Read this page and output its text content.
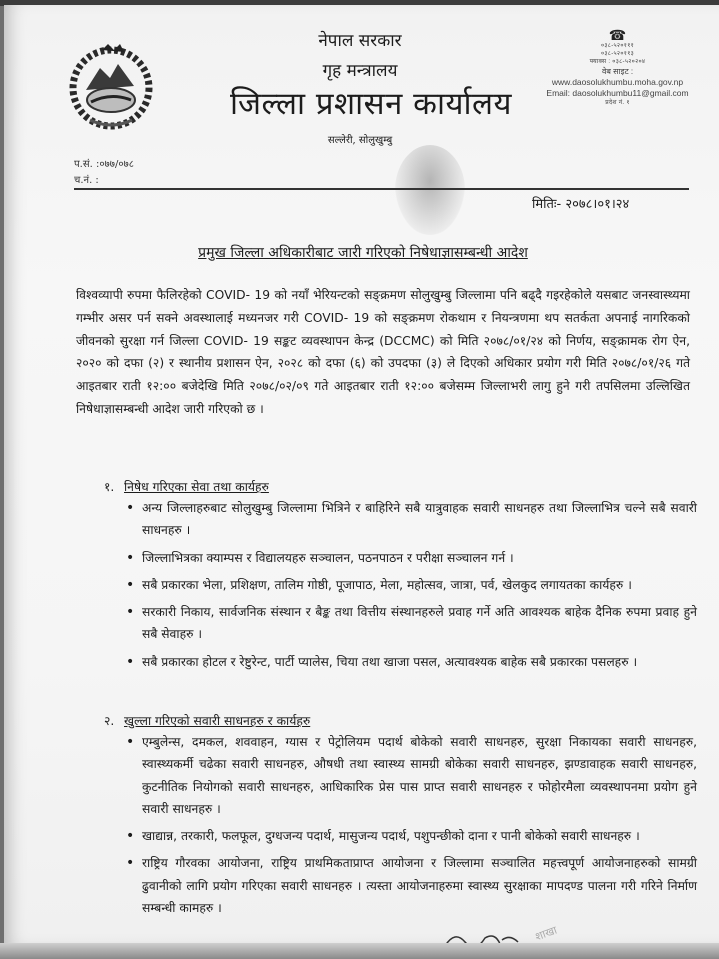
नेपाल सरकार
गृह मन्त्रालय
जिल्ला प्रशासन कार्यालय
सल्लेरी, सोलुखुम्बु
☎
०३८-५२०१११
०३८-५२०११३
फ्याक्स : ०३८-५२०२०४
वेब साइट :
www.daosolukhumbu.moha.gov.np
Email: daosolukhumbu11@gmail.com
प्रदेश नं. १
प.सं. :०७७/०७८
च.नं. :
मितिः- २०७८।०१।२४
प्रमुख जिल्ला अधिकारीबाट जारी गरिएको निषेधाज्ञासम्बन्धी आदेश
विश्वव्यापी रुपमा फैलिरहेको COVID- 19 को नयाँ भेरियन्टको सङ्क्रमण सोलुखुम्बु जिल्लामा पनि बढ्दै गइरहेकोले यसबाट जनस्वास्थ्यमा गम्भीर असर पर्न सक्ने अवस्थालाई मध्यनजर गरी COVID- 19 को सङ्क्रमण रोकथाम र नियन्त्रणमा थप सतर्कता अपनाई नागरिकको जीवनको सुरक्षा गर्न जिल्ला COVID- 19 सङ्कट व्यवस्थापन केन्द्र (DCCMC) को मिति २०७८/०१/२४ को निर्णय, सङ्क्रामक रोग ऐन, २०२० को दफा (२) र स्थानीय प्रशासन ऐन, २०२८ को दफा (६) को उपदफा (३) ले दिएको अधिकार प्रयोग गरी मिति २०७८/०१/२६ गते आइतबार राती १२:०० बजेदेखि मिति २०७८/०२/०९ गते आइतबार राती १२:०० बजेसम्म जिल्लाभरी लागु हुने गरी तपसिलमा उल्लिखित निषेधाज्ञासम्बन्धी आदेश जारी गरिएको छ ।
१. निषेध गरिएका सेवा तथा कार्यहरु
• अन्य जिल्लाहरुबाट सोलुखुम्बु जिल्लामा भित्रिने र बाहिरिने सबै यात्रुवाहक सवारी साधनहरु तथा जिल्लाभित्र चल्ने सबै सवारी साधनहरु ।
• जिल्लाभित्रका क्याम्पस र विद्यालयहरु सञ्चालन, पठनपाठन र परीक्षा सञ्चालन गर्न ।
• सबै प्रकारका भेला, प्रशिक्षण, तालिम गोष्ठी, पूजापाठ, मेला, महोत्सव, जात्रा, पर्व, खेलकुद लगायतका कार्यहरु ।
• सरकारी निकाय, सार्वजनिक संस्थान र बैङ्क तथा वित्तीय संस्थानहरुले प्रवाह गर्ने अति आवश्यक बाहेक दैनिक रुपमा प्रवाह हुने सबै सेवाहरु ।
• सबै प्रकारका होटल र रेष्टुरेन्ट, पार्टी प्यालेस, चिया तथा खाजा पसल, अत्यावश्यक बाहेक सबै प्रकारका पसलहरु ।
२. खुल्ला गरिएको सवारी साधनहरु र कार्यहरु
• एम्बुलेन्स, दमकल, शववाहन, ग्यास र पेट्रोलियम पदार्थ बोकेको सवारी साधनहरु, सुरक्षा निकायका सवारी साधनहरु, स्वास्थ्यकर्मी चढेका सवारी साधनहरु, औषधी तथा स्वास्थ्य सामग्री बोकेका सवारी साधनहरु, झण्डावाहक सवारी साधनहरु, कुटनीतिक नियोगको सवारी साधनहरु, आधिकारिक प्रेस पास प्राप्त सवारी साधनहरु र फोहोरमैला व्यवस्थापनमा प्रयोग हुने सवारी साधनहरु ।
• खाद्यान्न, तरकारी, फलफूल, दुग्धजन्य पदार्थ, मासुजन्य पदार्थ, पशुपन्छीको दाना र पानी बोकेको सवारी साधनहरु ।
• राष्ट्रिय गौरवका आयोजना, राष्ट्रिय प्राथमिकताप्राप्त आयोजना र जिल्लामा सञ्चालित महत्त्वपूर्ण आयोजनाहरुको सामग्री ढुवानीको लागि प्रयोग गरिएका सवारी साधनहरु । त्यस्ता आयोजनाहरुमा स्वास्थ्य सुरक्षाका मापदण्ड पालना गरी गरिने निर्माण सम्बन्धी कामहरु ।
शाखा
